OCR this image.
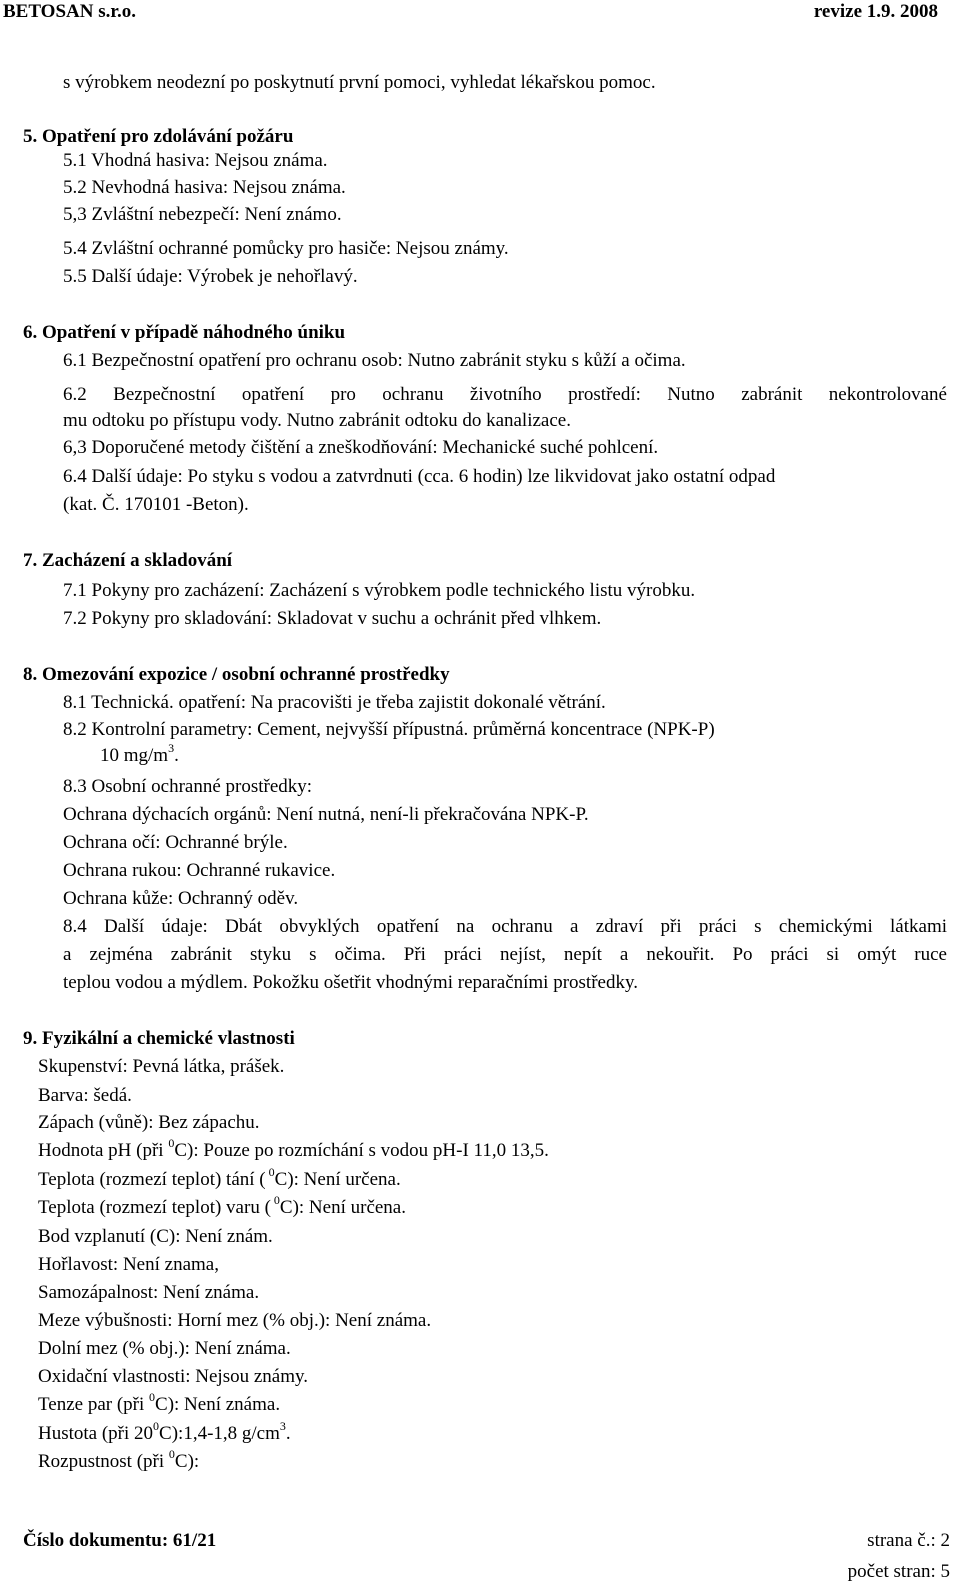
BETOSAN s.r.o.	revize 1.9. 2008
s výrobkem neodezní po poskytnutí první pomoci, vyhledat lékařskou pomoc.
5. Opatření pro zdolávání požáru
5.1 Vhodná hasiva: Nejsou známa.
5.2 Nevhodná hasiva: Nejsou známa.
5,3 Zvláštní nebezpečí: Není známo.
5.4 Zvláštní ochranné pomůcky pro hasiče: Nejsou známy.
5.5 Další údaje: Výrobek je nehořlavý.
6. Opatření v případě náhodného úniku
6.1 Bezpečnostní opatření pro ochranu osob: Nutno zabránit styku s kůží a očima.
6.2 Bezpečnostní opatření pro ochranu životního prostředí: Nutno zabránit nekontrolované
mu odtoku po přístupu vody. Nutno zabránit odtoku do kanalizace.
6,3 Doporučené metody čištění a zneškodňování: Mechanické suché pohlcení.
6.4 Další údaje: Po styku s vodou a zatvrdnuti (cca. 6 hodin) lze likvidovat jako ostatní odpad
(kat. Č. 170101 -Beton).
7. Zacházení a skladování
7.1 Pokyny pro zacházení: Zacházení s výrobkem podle technického listu výrobku.
7.2 Pokyny pro skladování: Skladovat v suchu a ochránit před vlhkem.
8. Omezování expozice / osobní ochranné prostředky
8.1 Technická. opatření: Na pracovišti je třeba zajistit dokonalé větrání.
8.2 Kontrolní parametry: Cement, nejvyšší přípustná. průměrná koncentrace (NPK-P)
10 $mg/m^3$.
8.3 Osobní ochranné prostředky:
Ochrana dýchacích orgánů: Není nutná, není-li překračována NPK-P.
Ochrana očí: Ochranné brýle.
Ochrana rukou: Ochranné rukavice.
Ochrana kůže: Ochranný oděv.
8.4 Další údaje: Dbát obvyklých opatření na ochranu a zdraví při práci s chemickými látkami
a zejména zabránit styku s očima. Při práci nejíst, nepít a nekouřit. Po práci si omýt ruce
teplou vodou a mýdlem. Pokožku ošetřit vhodnými reparačními prostředky.
9. Fyzikální a chemické vlastnosti
Skupenství: Pevná látka, prášek.
Barva: šedá.
Zápach (vůně): Bez zápachu.
Hodnota pH (při $^0$C): Pouze po rozmíchání s vodou pH-I 11,0 13,5.
Teplota (rozmezí teplot) tání ( $^0$C): Není určena.
Teplota (rozmezí teplot) varu ( $^0$C): Není určena.
Bod vzplanutí (C): Není znám.
Hořlavost: Není znama,
Samozápalnost: Není známa.
Meze výbušnosti: Horní mez (% obj.): Není známa.
Dolní mez (% obj.): Není známa.
Oxidační vlastnosti: Nejsou známy.
Tenze par (při $^0$C): Není známa.
Hustota (při $20^0C):1,4-1,8$ $g/cm^3$.
Rozpustnost (při $^0$C):
Číslo dokumentu: 61/21	strana č.: 2
počet stran: 5
